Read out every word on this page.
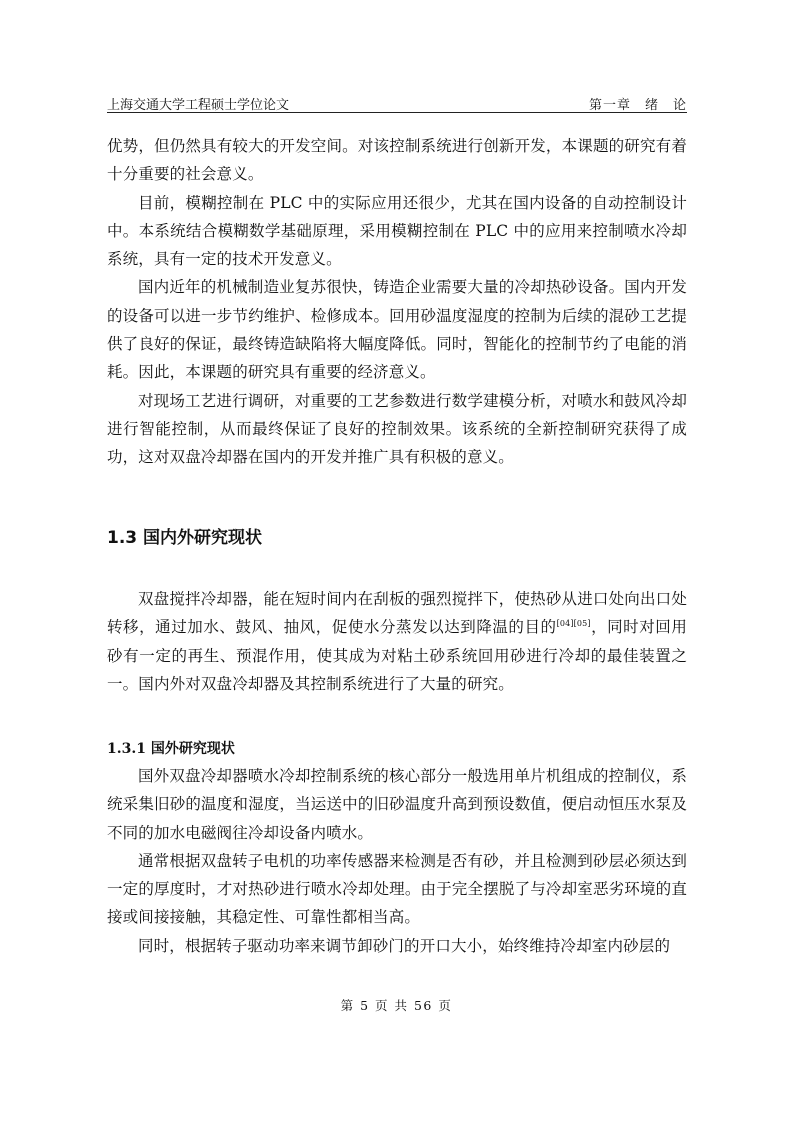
上海交通大学工程硕士学位论文	第一章　绪　论

优势，但仍然具有较大的开发空间。对该控制系统进行创新开发，本课题的研究有着十分重要的社会意义。

目前，模糊控制在 PLC 中的实际应用还很少，尤其在国内设备的自动控制设计中。本系统结合模糊数学基础原理，采用模糊控制在 PLC 中的应用来控制喷水冷却系统，具有一定的技术开发意义。

国内近年的机械制造业复苏很快，铸造企业需要大量的冷却热砂设备。国内开发的设备可以进一步节约维护、检修成本。回用砂温度湿度的控制为后续的混砂工艺提供了良好的保证，最终铸造缺陷将大幅度降低。同时，智能化的控制节约了电能的消耗。因此，本课题的研究具有重要的经济意义。

对现场工艺进行调研，对重要的工艺参数进行数学建模分析，对喷水和鼓风冷却进行智能控制，从而最终保证了良好的控制效果。该系统的全新控制研究获得了成功，这对双盘冷却器在国内的开发并推广具有积极的意义。

1.3 国内外研究现状

双盘搅拌冷却器，能在短时间内在刮板的强烈搅拌下，使热砂从进口处向出口处转移，通过加水、鼓风、抽风，促使水分蒸发以达到降温的目的[04][05]，同时对回用砂有一定的再生、预混作用，使其成为对粘土砂系统回用砂进行冷却的最佳装置之一。国内外对双盘冷却器及其控制系统进行了大量的研究。

1.3.1 国外研究现状

国外双盘冷却器喷水冷却控制系统的核心部分一般选用单片机组成的控制仪，系统采集旧砂的温度和湿度，当运送中的旧砂温度升高到预设数值，便启动恒压水泵及不同的加水电磁阀往冷却设备内喷水。

通常根据双盘转子电机的功率传感器来检测是否有砂，并且检测到砂层必须达到一定的厚度时，才对热砂进行喷水冷却处理。由于完全摆脱了与冷却室恶劣环境的直接或间接接触，其稳定性、可靠性都相当高。

同时，根据转子驱动功率来调节卸砂门的开口大小，始终维持冷却室内砂层的

第 5 页 共 56 页
